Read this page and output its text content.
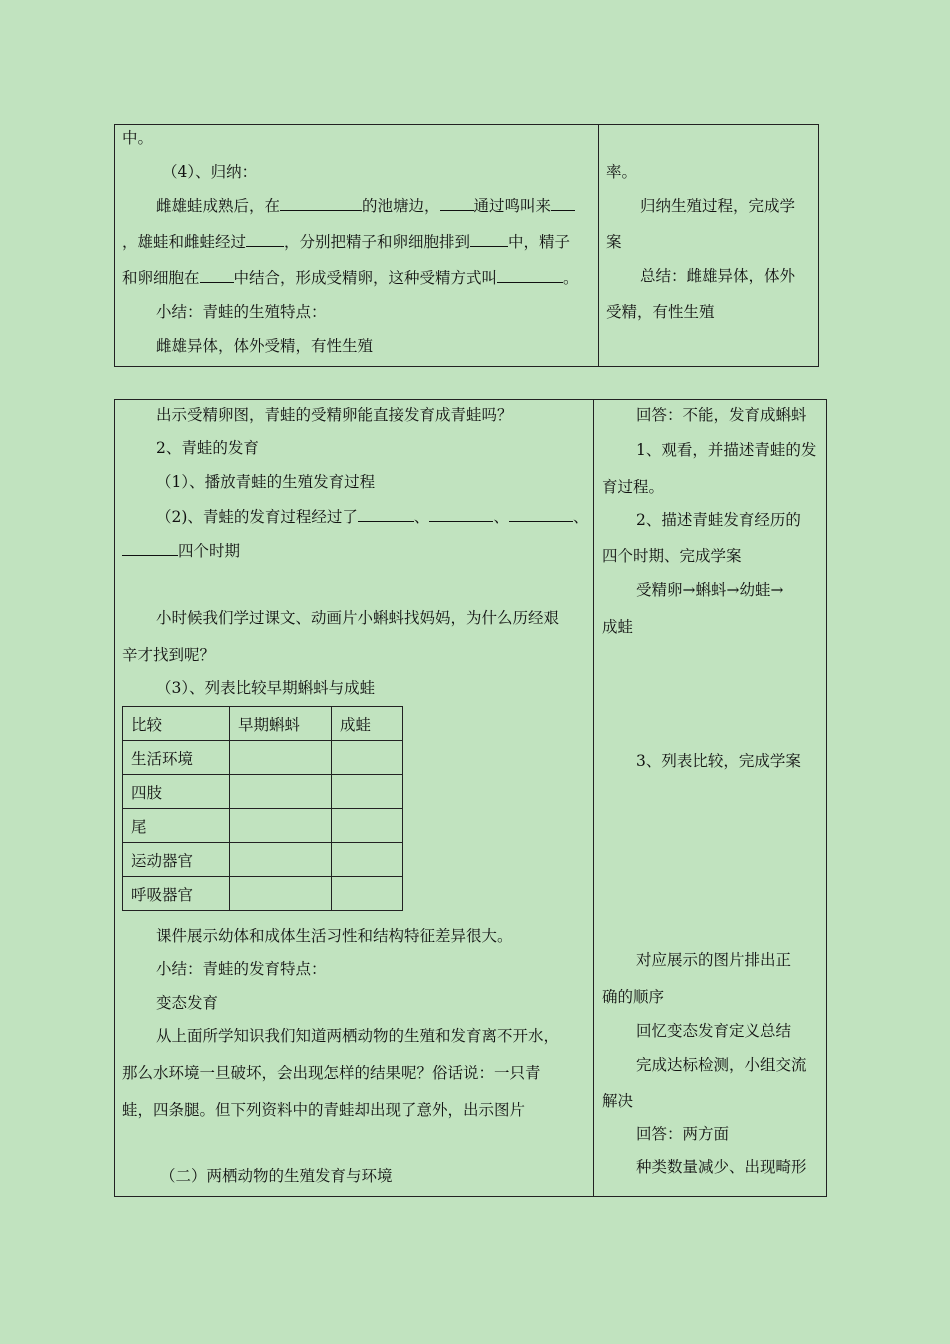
中。
（4）、归纳：
雌雄蛙成熟后，在	的池塘边， 通过鸣叫来
，雄蛙和雌蛙经过 ，分别把精子和卵细胞排到 中，精子
和卵细胞在 中结合，形成受精卵，这种受精方式叫	。
小结：青蛙的生殖特点：
雌雄异体，体外受精，有性生殖
率。
归纳生殖过程，完成学
案
总结：雌雄异体，体外
受精，有性生殖
出示受精卵图，青蛙的受精卵能直接发育成青蛙吗？
2、青蛙的发育
（1）、播放青蛙的生殖发育过程
（2)、青蛙的发育过程经过了	、	、	、
四个时期
小时候我们学过课文、动画片小蝌蚪找妈妈，为什么历经艰
辛才找到呢？
（3）、列表比较早期蝌蚪与成蛙
比较	早期蝌蚪	成蛙
生活环境		
四肢		
尾		
运动器官		
呼吸器官		
课件展示幼体和成体生活习性和结构特征差异很大。
小结：青蛙的发育特点：
变态发育
从上面所学知识我们知道两栖动物的生殖和发育离不开水，
那么水环境一旦破坏，会出现怎样的结果呢？俗话说：一只青
蛙，四条腿。但下列资料中的青蛙却出现了意外，出示图片
（二）两栖动物的生殖发育与环境
回答：不能，发育成蝌蚪
1、观看，并描述青蛙的发
育过程。
2、描述青蛙发育经历的
四个时期、完成学案
受精卵→蝌蚪→幼蛙→
成蛙
3、列表比较，完成学案
对应展示的图片排出正
确的顺序
回忆变态发育定义总结
完成达标检测，小组交流
解决
回答：两方面
种类数量减少、出现畸形
